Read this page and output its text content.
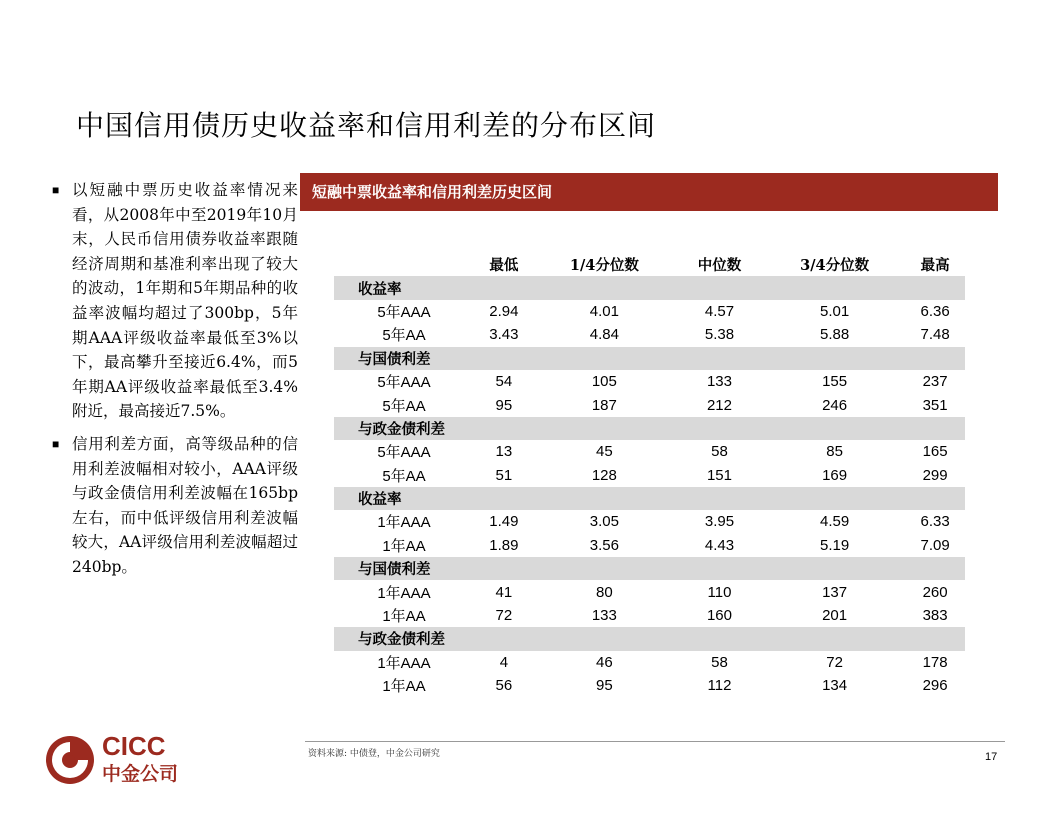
中国信用债历史收益率和信用利差的分布区间
■ 以短融中票历史收益率情况来看，从2008年中至2019年10月末，人民币信用债券收益率跟随经济周期和基准利率出现了较大的波动，1年期和5年期品种的收益率波幅均超过了300bp，5年期AAA评级收益率最低至3%以下，最高攀升至接近6.4%，而5年期AA评级收益率最低至3.4%附近，最高接近7.5%。
■ 信用利差方面，高等级品种的信用利差波幅相对较小，AAA评级与政金债信用利差波幅在165bp左右，而中低评级信用利差波幅较大，AA评级信用利差波幅超过240bp。
短融中票收益率和信用利差历史区间
	最低	1/4分位数	中位数	3/4分位数	最高
收益率					
5年AAA	2.94	4.01	4.57	5.01	6.36
5年AA	3.43	4.84	5.38	5.88	7.48
与国债利差					
5年AAA	54	105	133	155	237
5年AA	95	187	212	246	351
与政金债利差					
5年AAA	13	45	58	85	165
5年AA	51	128	151	169	299
收益率					
1年AAA	1.49	3.05	3.95	4.59	6.33
1年AA	1.89	3.56	4.43	5.19	7.09
与国债利差					
1年AAA	41	80	110	137	260
1年AA	72	133	160	201	383
与政金债利差					
1年AAA	4	46	58	72	178
1年AA	56	95	112	134	296
资料来源: 中债登，中金公司研究	17
CICC
中金公司
